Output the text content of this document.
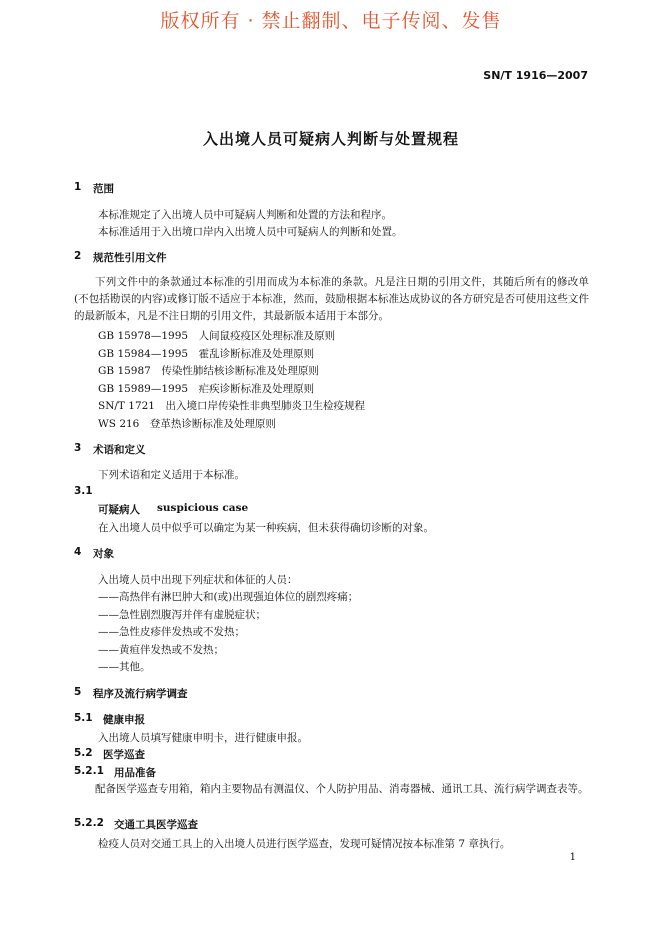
版权所有 · 禁止翻制、电子传阅、发售
SN/T 1916—2007
入出境人员可疑病人判断与处置规程
1 范围
本标准规定了入出境人员中可疑病人判断和处置的方法和程序。
本标准适用于入出境口岸内入出境人员中可疑病人的判断和处置。
2 规范性引用文件
下列文件中的条款通过本标准的引用而成为本标准的条款。凡是注日期的引用文件，其随后所有的修改单(不包括勘误的内容)或修订版不适应于本标准，然而，鼓励根据本标准达成协议的各方研究是否可使用这些文件的最新版本，凡是不注日期的引用文件，其最新版本适用于本部分。
GB 15978—1995　人间鼠疫疫区处理标准及原则
GB 15984—1995　霍乱诊断标准及处理原则
GB 15987　传染性肺结核诊断标准及处理原则
GB 15989—1995　疟疾诊断标准及处理原则
SN/T 1721　出入境口岸传染性非典型肺炎卫生检疫规程
WS 216　登革热诊断标准及处理原则
3 术语和定义
下列术语和定义适用于本标准。
3.1
可疑病人 suspicious case
在入出境人员中似乎可以确定为某一种疾病，但未获得确切诊断的对象。
4 对象
入出境人员中出现下列症状和体征的人员：
——高热伴有淋巴肿大和(或)出现强迫体位的剧烈疼痛；
——急性剧烈腹泻并伴有虚脱症状；
——急性皮疹伴发热或不发热；
——黄疸伴发热或不发热；
——其他。
5 程序及流行病学调查
5.1 健康申报
入出境人员填写健康申明卡，进行健康申报。
5.2 医学巡查
5.2.1 用品准备
配备医学巡查专用箱，箱内主要物品有测温仪、个人防护用品、消毒器械、通讯工具、流行病学调查表等。
5.2.2 交通工具医学巡查
检疫人员对交通工具上的入出境人员进行医学巡查，发现可疑情况按本标准第 7 章执行。
1
